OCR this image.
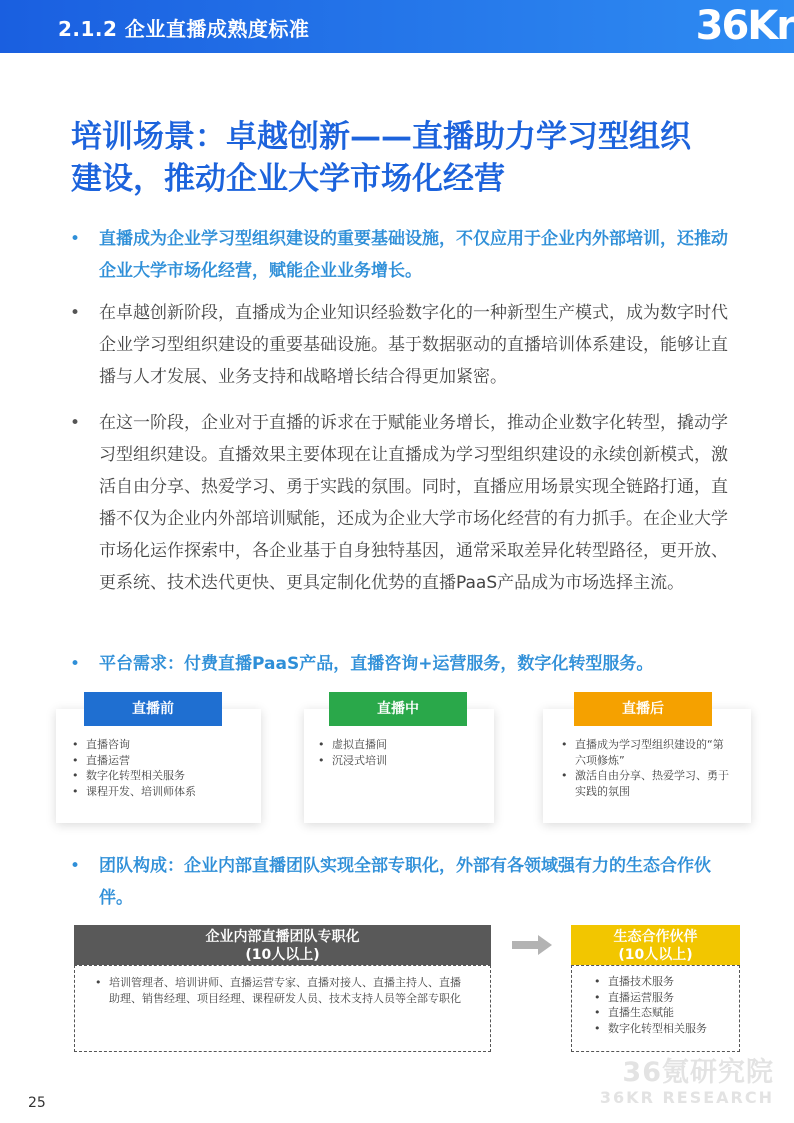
2.1.2 企业直播成熟度标准	36Kr
培训场景：卓越创新——直播助力学习型组织
建设，推动企业大学市场化经营
•	直播成为企业学习型组织建设的重要基础设施，不仅应用于企业内外部培训，还推动企业大学市场化经营，赋能企业业务增长。
•	在卓越创新阶段，直播成为企业知识经验数字化的一种新型生产模式，成为数字时代企业学习型组织建设的重要基础设施。基于数据驱动的直播培训体系建设，能够让直播与人才发展、业务支持和战略增长结合得更加紧密。
•	在这一阶段，企业对于直播的诉求在于赋能业务增长，推动企业数字化转型，撬动学习型组织建设。直播效果主要体现在让直播成为学习型组织建设的永续创新模式，激活自由分享、热爱学习、勇于实践的氛围。同时，直播应用场景实现全链路打通，直播不仅为企业内外部培训赋能，还成为企业大学市场化经营的有力抓手。在企业大学市场化运作探索中，各企业基于自身独特基因，通常采取差异化转型路径，更开放、更系统、技术迭代更快、更具定制化优势的直播PaaS产品成为市场选择主流。
•	平台需求：付费直播PaaS产品，直播咨询+运营服务，数字化转型服务。
• 直播咨询
• 直播运营
• 数字化转型相关服务
• 课程开发、培训师体系
直播前
• 虚拟直播间
• 沉浸式培训
直播中
• 直播成为学习型组织建设的“第六项修炼”
• 激活自由分享、热爱学习、勇于实践的氛围
直播后
•	团队构成：企业内部直播团队实现全部专职化，外部有各领域强有力的生态合作伙伴。
企业内部直播团队专职化
(10人以上)
• 培训管理者、培训讲师、直播运营专家、直播对接人、直播主持人、直播助理、销售经理、项目经理、课程研发人员、技术支持人员等全部专职化
生态合作伙伴
(10人以上)
• 直播技术服务
• 直播运营服务
• 直播生态赋能
• 数字化转型相关服务
25
36氪研究院
36KR RESEARCH
